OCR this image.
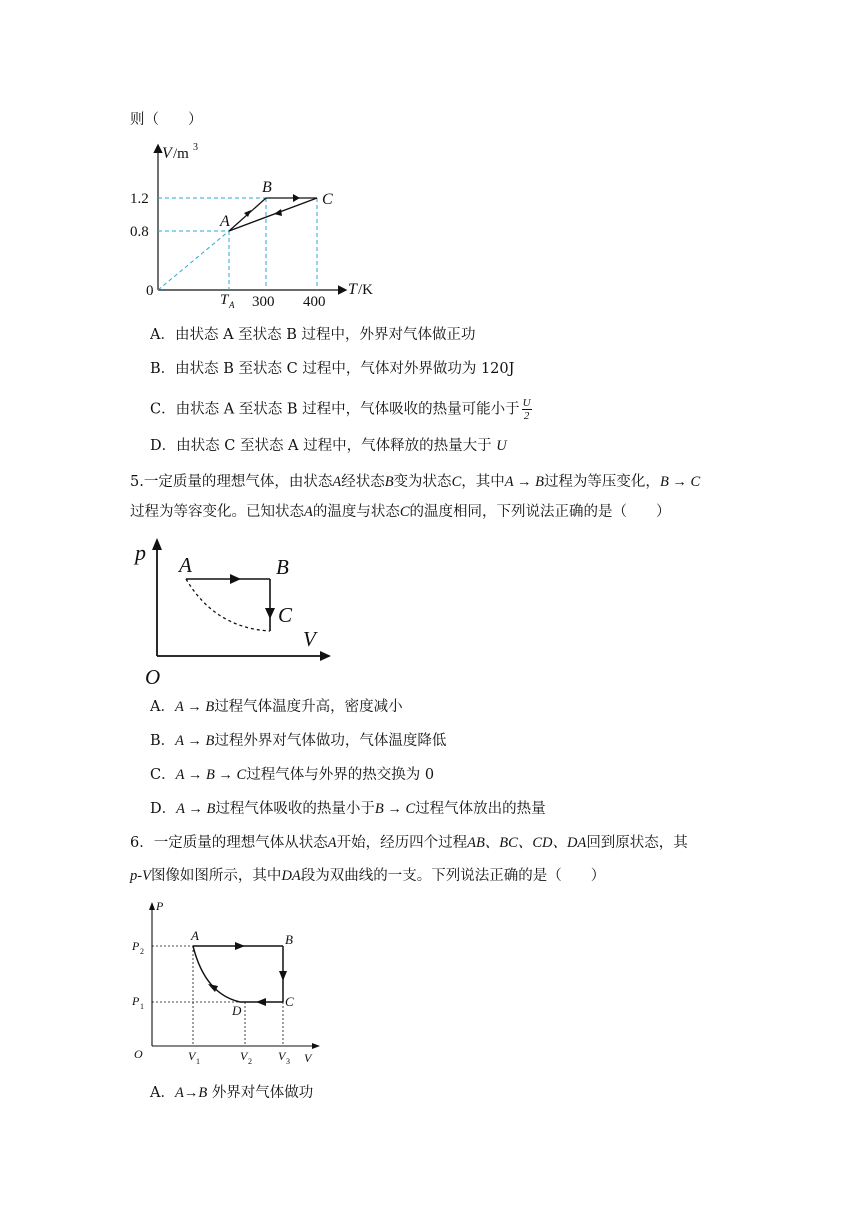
则（　　）
V /m 3
T /K
0
1.2
0.8
T A 300 400
A
B
C
A．由状态 A 至状态 B 过程中，外界对气体做正功
B．由状态 B 至状态 C 过程中，气体对外界做功为 120J
C．由状态 A 至状态 B 过程中，气体吸收的热量可能小于 $\frac{U}{2}$
D．由状态 C 至状态 A 过程中，气体释放的热量大于 U
5.一定质量的理想气体，由状态A经状态B变为状态C，其中A → B过程为等压变化，B → C
过程为等容变化。已知状态A的温度与状态C的温度相同，下列说法正确的是（　　）
p
V
O
A	B
C
A．A → B过程气体温度升高，密度减小
B．A → B过程外界对气体做功，气体温度降低
C．A → B → C过程气体与外界的热交换为 0
D．A → B过程气体吸收的热量小于B → C过程气体放出的热量
6．一定质量的理想气体从状态A开始，经历四个过程AB、BC、CD、DA回到原状态，其
p-V图像如图所示，其中DA段为双曲线的一支。下列说法正确的是（　　）
P
V
O
P 2
P 1
V 1	V 2 V 3
A	B
C
D
A．A→B 外界对气体做功
